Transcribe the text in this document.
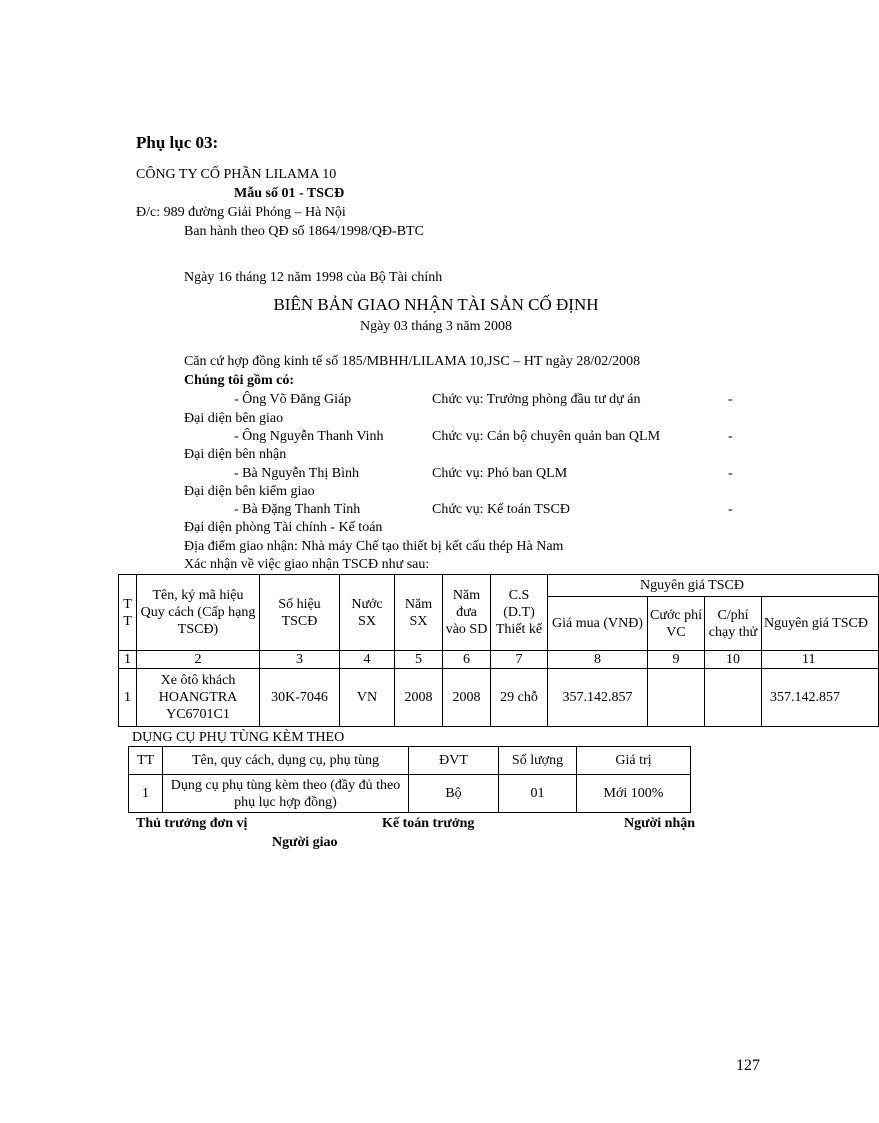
Phụ lục 03:
CÔNG TY CỔ PHẦN LILAMA 10
Mẫu số 01 - TSCĐ
Đ/c: 989 đường Giải Phóng – Hà Nội
Ban hành theo QĐ số 1864/1998/QĐ-BTC
Ngày 16 tháng 12 năm 1998 của Bộ Tài chính
BIÊN BẢN GIAO NHẬN TÀI SẢN CỐ ĐỊNH
Ngày 03 tháng 3 năm 2008
Căn cứ hợp đồng kinh tế số 185/MBHH/LILAMA 10,JSC – HT ngày 28/02/2008
Chúng tôi gồm có:
- Ông Võ Đăng Giáp	Chức vụ: Trưởng phòng đầu tư dự án	-
Đại diện bên giao
- Ông Nguyễn Thanh Vinh	Chức vụ: Cán bộ chuyên quản ban QLM	-
Đại diện bên nhận
- Bà Nguyễn Thị Bình	Chức vụ: Phó ban QLM	-
Đại diện bên kiểm giao
- Bà Đặng Thanh Tỉnh	Chức vụ: Kế toán TSCĐ	-
Đại diện phòng Tài chính - Kế toán
Địa điểm giao nhận: Nhà máy Chế tạo thiết bị kết cấu thép Hà Nam
Xác nhận về việc giao nhận TSCĐ như sau:
T T	Tên, ký mã hiệu Quy cách (Cấp hạng TSCĐ)	Số hiệu TSCĐ	Nước SX	Năm SX	Năm đưa vào SD	C.S (D.T) Thiết kế	Nguyên giá TSCĐ			
							Giá mua (VNĐ)	Cước phí VC	C/phí chạy thử	Nguyên giá TSCĐ
1	2	3	4	5	6	7	8	9	10	11
1	Xe ôtô khách HOANGTRA YC6701C1	30K-7046	VN	2008	2008	29 chỗ	357.142.857			357.142.857
DỤNG CỤ PHỤ TÙNG KÈM THEO
TT	Tên, quy cách, dụng cụ, phụ tùng	ĐVT	Số lượng	Giá trị
1	Dụng cụ phụ tùng kèm theo (đầy đủ theo phụ lục hợp đồng)	Bộ	01	Mới 100%
Thủ trưởng đơn vị	Kế toán trưởng	Người nhận
Người giao
127
